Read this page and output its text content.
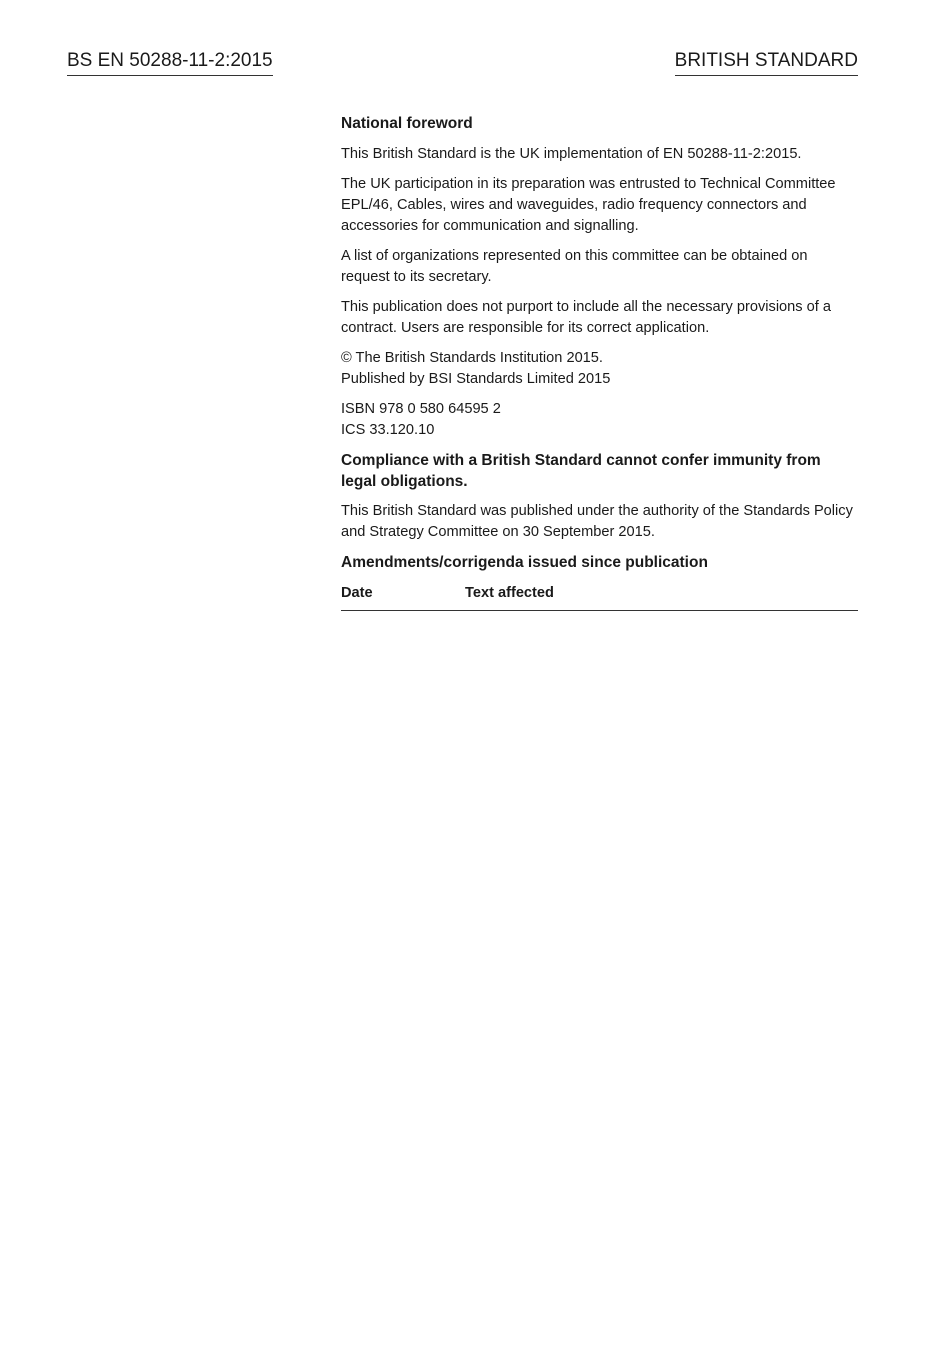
BS EN 50288-11-2:2015	BRITISH STANDARD

National foreword

This British Standard is the UK implementation of EN 50288-11-2:2015.

The UK participation in its preparation was entrusted to Technical Committee EPL/46, Cables, wires and waveguides, radio frequency connectors and accessories for communication and signalling.

A list of organizations represented on this committee can be obtained on request to its secretary.

This publication does not purport to include all the necessary provisions of a contract. Users are responsible for its correct application.

© The British Standards Institution 2015.
Published by BSI Standards Limited 2015

ISBN 978 0 580 64595 2
ICS 33.120.10

Compliance with a British Standard cannot confer immunity from legal obligations.

This British Standard was published under the authority of the Standards Policy and Strategy Committee on 30 September 2015.

Amendments/corrigenda issued since publication

Date	Text affected
